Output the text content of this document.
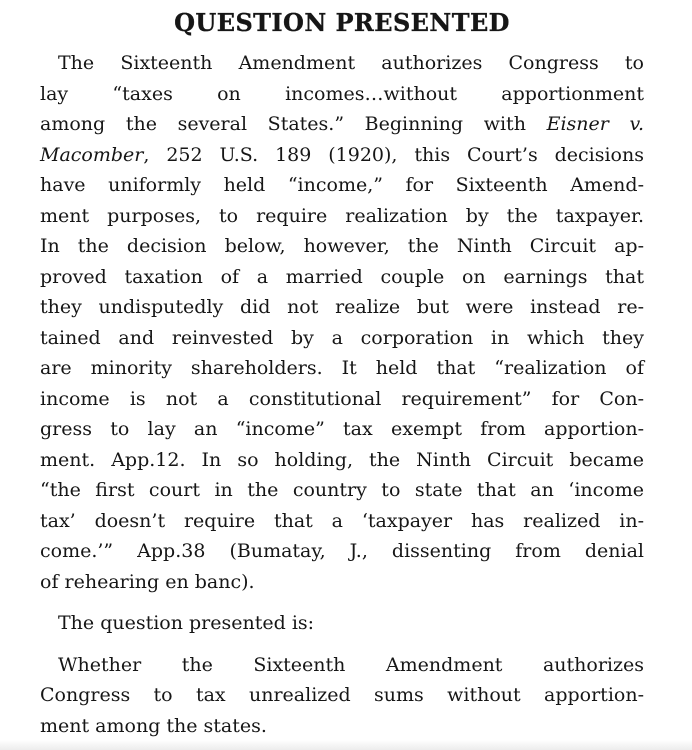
QUESTION PRESENTED
The Sixteenth Amendment authorizes Congress to
lay “taxes on incomes…without apportionment
among the several States.” Beginning with Eisner v.
Macomber, 252 U.S. 189 (1920), this Court’s decisions
have uniformly held “income,” for Sixteenth Amend-
ment purposes, to require realization by the taxpayer.
In the decision below, however, the Ninth Circuit ap-
proved taxation of a married couple on earnings that
they undisputedly did not realize but were instead re-
tained and reinvested by a corporation in which they
are minority shareholders. It held that “realization of
income is not a constitutional requirement” for Con-
gress to lay an “income” tax exempt from apportion-
ment. App.12. In so holding, the Ninth Circuit became
“the first court in the country to state that an ‘income
tax’ doesn’t require that a ‘taxpayer has realized in-
come.’” App.38 (Bumatay, J., dissenting from denial
of rehearing en banc).
The question presented is:
Whether the Sixteenth Amendment authorizes
Congress to tax unrealized sums without apportion-
ment among the states.
